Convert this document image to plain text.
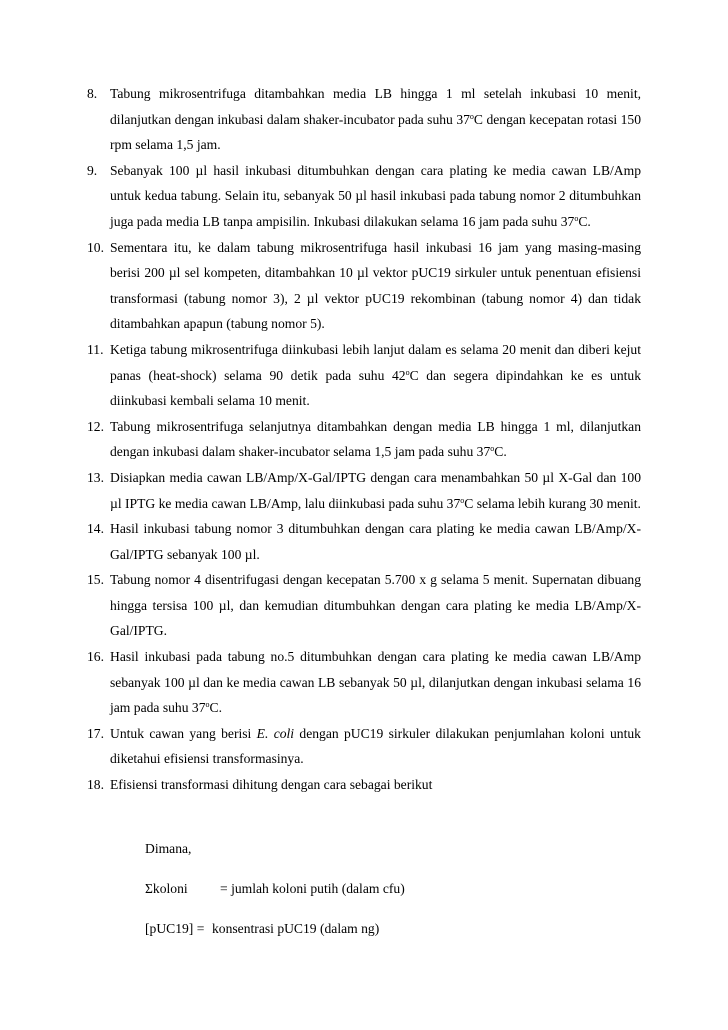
8. Tabung mikrosentrifuga ditambahkan media LB hingga 1 ml setelah inkubasi 10 menit, dilanjutkan dengan inkubasi dalam shaker-incubator pada suhu 37$^o$C dengan kecepatan rotasi 150 rpm selama 1,5 jam.
9. Sebanyak 100 µl hasil inkubasi ditumbuhkan dengan cara plating ke media cawan LB/Amp untuk kedua tabung. Selain itu, sebanyak 50 µl hasil inkubasi pada tabung nomor 2 ditumbuhkan juga pada media LB tanpa ampisilin. Inkubasi dilakukan selama 16 jam pada suhu 37$^o$C.
10. Sementara itu, ke dalam tabung mikrosentrifuga hasil inkubasi 16 jam yang masing-masing berisi 200 µl sel kompeten, ditambahkan 10 µl vektor pUC19 sirkuler untuk penentuan efisiensi transformasi (tabung nomor 3), 2 µl vektor pUC19 rekombinan (tabung nomor 4) dan tidak ditambahkan apapun (tabung nomor 5).
11. Ketiga tabung mikrosentrifuga diinkubasi lebih lanjut dalam es selama 20 menit dan diberi kejut panas (heat-shock) selama 90 detik pada suhu 42$^o$C dan segera dipindahkan ke es untuk diinkubasi kembali selama 10 menit.
12. Tabung mikrosentrifuga selanjutnya ditambahkan dengan media LB hingga 1 ml, dilanjutkan dengan inkubasi dalam shaker-incubator selama 1,5 jam pada suhu 37$^o$C.
13. Disiapkan media cawan LB/Amp/X-Gal/IPTG dengan cara menambahkan 50 µl X-Gal dan 100 µl IPTG ke media cawan LB/Amp, lalu diinkubasi pada suhu 37$^o$C selama lebih kurang 30 menit.
14. Hasil inkubasi tabung nomor 3 ditumbuhkan dengan cara plating ke media cawan LB/Amp/X-Gal/IPTG sebanyak 100 µl.
15. Tabung nomor 4 disentrifugasi dengan kecepatan 5.700 x g selama 5 menit. Supernatan dibuang hingga tersisa 100 µl, dan kemudian ditumbuhkan dengan cara plating ke media LB/Amp/X-Gal/IPTG.
16. Hasil inkubasi pada tabung no.5 ditumbuhkan dengan cara plating ke media cawan LB/Amp sebanyak 100 µl dan ke media cawan LB sebanyak 50 µl, dilanjutkan dengan inkubasi selama 16 jam pada suhu 37$^o$C.
17. Untuk cawan yang berisi E. coli dengan pUC19 sirkuler dilakukan penjumlahan koloni untuk diketahui efisiensi transformasinya.
18. Efisiensi transformasi dihitung dengan cara sebagai berikut
Dimana,
Σkoloni = jumlah koloni putih (dalam cfu)
[pUC19] = konsentrasi pUC19 (dalam ng)
